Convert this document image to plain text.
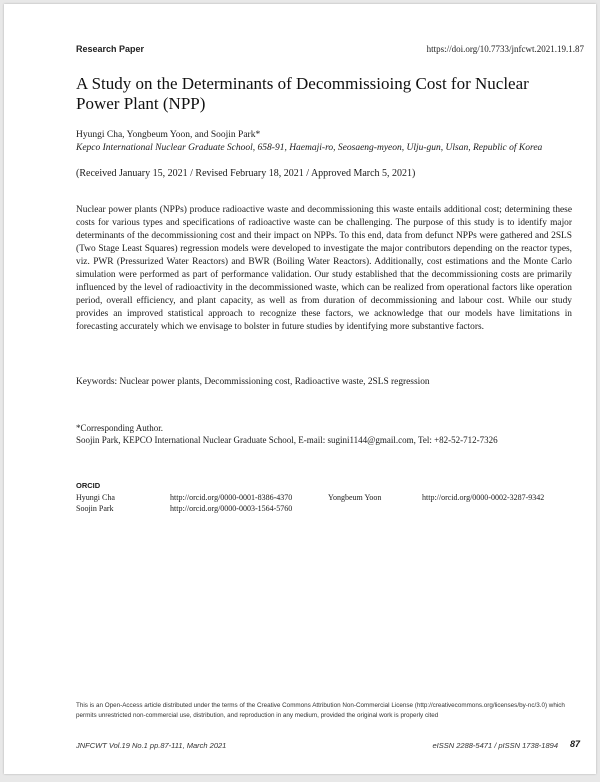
Research Paper	https://doi.org/10.7733/jnfcwt.2021.19.1.87
A Study on the Determinants of Decommissioing Cost for Nuclear Power Plant (NPP)
Hyungi Cha, Yongbeum Yoon, and Soojin Park*
Kepco International Nuclear Graduate School, 658-91, Haemaji-ro, Seosaeng-myeon, Ulju-gun, Ulsan, Republic of Korea
(Received January 15, 2021 / Revised February 18, 2021 / Approved March 5, 2021)

Nuclear power plants (NPPs) produce radioactive waste and decommissioning this waste entails additional cost; determining these costs for various types and specifications of radioactive waste can be challenging. The purpose of this study is to identify major determinants of the decommissioning cost and their impact on NPPs. To this end, data from defunct NPPs were gathered and 2SLS (Two Stage Least Squares) regression models were developed to investigate the major contributors depending on the reactor types, viz. PWR (Pressurized Water Reactors) and BWR (Boiling Water Reactors). Additionally, cost estimations and the Monte Carlo simulation were performed as part of performance validation. Our study established that the decommissioning costs are primarily influenced by the level of radioactivity in the decommissioned waste, which can be realized from operational factors like operation period, overall efficiency, and plant capacity, as well as from duration of decommissioning and labour cost. While our study provides an improved statistical approach to recognize these factors, we acknowledge that our models have limitations in forecasting accurately which we envisage to bolster in future studies by identifying more substantive factors.

Keywords: Nuclear power plants, Decommissioning cost, Radioactive waste, 2SLS regression
*Corresponding Author.
Soojin Park, KEPCO International Nuclear Graduate School, E-mail: sugini1144@gmail.com, Tel: +82-52-712-7326
ORCID
Hyungi Cha	http://orcid.org/0000-0001-8386-4370	Yongbeum Yoon	http://orcid.org/0000-0002-3287-9342
Soojin Park	http://orcid.org/0000-0003-1564-5760
This is an Open-Access article distributed under the terms of the Creative Commons Attribution Non-Commercial License (http://creativecommons.org/licenses/by-nc/3.0) which permits unrestricted non-commercial use, distribution, and reproduction in any medium, provided the original work is properly cited
JNFCWT Vol.19 No.1 pp.87-111, March 2021	eISSN 2288-5471 / pISSN 1738-1894 87
